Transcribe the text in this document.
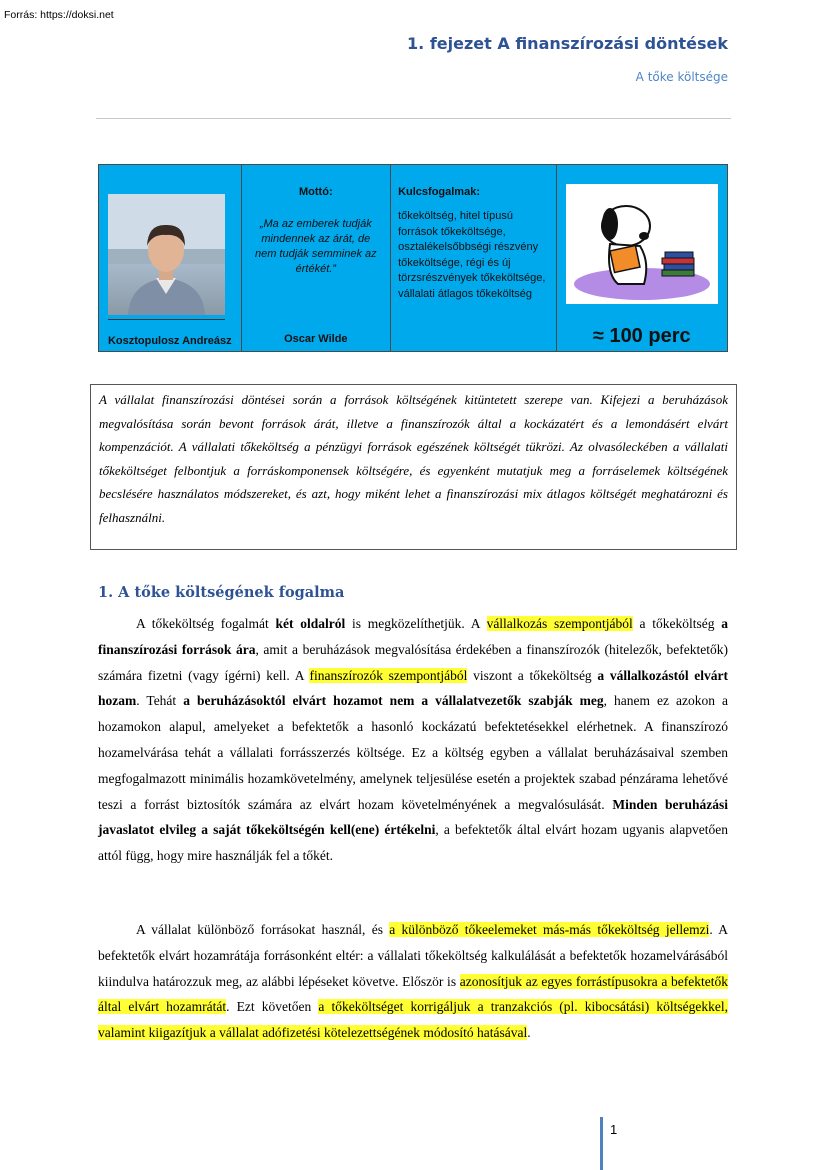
Forrás: https://doksi.net
1. fejezet A finanszírozási döntések
A tőke költsége
Kosztopulosz Andreász
Mottó:
„Ma az emberek tudják mindennek az árát, de nem tudják semminek az értékét.”
Oscar Wilde
Kulcsfogalmak:
tőkeköltség, hitel típusú források tőkeköltsége, osztalékelsőbbségi részvény tőkeköltsége, régi és új törzsrészvények tőkeköltsége, vállalati átlagos tőkeköltség
≈ 100 perc
A vállalat finanszírozási döntései során a források költségének kitüntetett szerepe van. Kifejezi a beruházások megvalósítása során bevont források árát, illetve a finanszírozók által a kockázatért és a lemondásért elvárt kompenzációt. A vállalati tőkeköltség a pénzügyi források egészének költségét tükrözi. Az olvasóleckében a vállalati tőkeköltséget felbontjuk a forráskomponensek költségére, és egyenként mutatjuk meg a forráselemek költségének becslésére használatos módszereket, és azt, hogy miként lehet a finanszírozási mix átlagos költségét meghatározni és felhasználni.
1. A tőke költségének fogalma
A tőkeköltség fogalmát két oldalról is megközelíthetjük. A vállalkozás szempontjából a tőkeköltség a finanszírozási források ára, amit a beruházások megvalósítása érdekében a finanszírozók (hitelezők, befektetők) számára fizetni (vagy ígérni) kell. A finanszírozók szempontjából viszont a tőkeköltség a vállalkozástól elvárt hozam. Tehát a beruházásoktól elvárt hozamot nem a vállalatvezetők szabják meg, hanem ez azokon a hozamokon alapul, amelyeket a befektetők a hasonló kockázatú befektetésekkel elérhetnek. A finanszírozó hozamelvárása tehát a vállalati forrásszerzés költsége. Ez a költség egyben a vállalat beruházásaival szemben megfogalmazott minimális hozamkövetelmény, amelynek teljesülése esetén a projektek szabad pénzárama lehetővé teszi a forrást biztosítók számára az elvárt hozam követelményének a megvalósulását. Minden beruházási javaslatot elvileg a saját tőkeköltségén kell(ene) értékelni, a befektetők által elvárt hozam ugyanis alapvetően attól függ, hogy mire használják fel a tőkét.
A vállalat különböző forrásokat használ, és a különböző tőkeelemeket más-más tőkeköltség jellemzi. A befektetők elvárt hozamrátája forrásonként eltér: a vállalati tőkeköltség kalkulálását a befektetők hozamelvárásából kiindulva határozzuk meg, az alábbi lépéseket követve. Először is azonosítjuk az egyes forrástípusokra a befektetők által elvárt hozamrátát. Ezt követően a tőkeköltséget korrigáljuk a tranzakciós (pl. kibocsátási) költségekkel, valamint kiigazítjuk a vállalat adófizetési kötelezettségének módosító hatásával.
1
